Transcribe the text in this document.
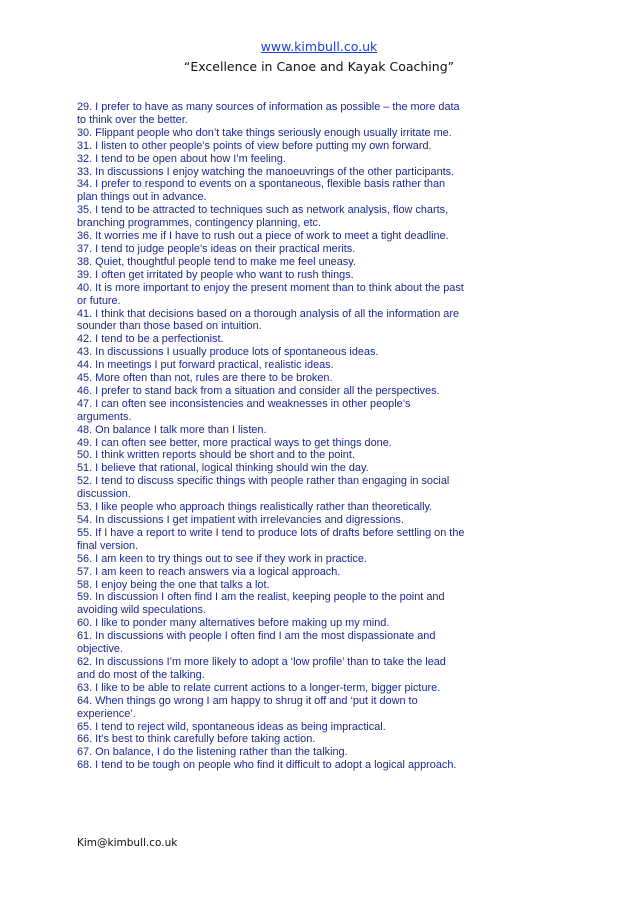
www.kimbull.co.uk
“Excellence in Canoe and Kayak Coaching”

29. I prefer to have as many sources of information as possible – the more data to think over the better.

30. Flippant people who don’t take things seriously enough usually irritate me.

31. I listen to other people’s points of view before putting my own forward.

32. I tend to be open about how I’m feeling.

33. In discussions I enjoy watching the manoeuvrings of the other participants.

34. I prefer to respond to events on a spontaneous, flexible basis rather than plan things out in advance.

35. I tend to be attracted to techniques such as network analysis, flow charts, branching programmes, contingency planning, etc.

36. It worries me if I have to rush out a piece of work to meet a tight deadline.

37. I tend to judge people’s ideas on their practical merits.

38. Quiet, thoughtful people tend to make me feel uneasy.

39. I often get irritated by people who want to rush things.

40. It is more important to enjoy the present moment than to think about the past or future.

41. I think that decisions based on a thorough analysis of all the information are sounder than those based on intuition.

42. I tend to be a perfectionist.

43. In discussions I usually produce lots of spontaneous ideas.

44. In meetings I put forward practical, realistic ideas.

45. More often than not, rules are there to be broken.

46. I prefer to stand back from a situation and consider all the perspectives.

47. I can often see inconsistencies and weaknesses in other people’s arguments.

48. On balance I talk more than I listen.

49. I can often see better, more practical ways to get things done.

50. I think written reports should be short and to the point.

51. I believe that rational, logical thinking should win the day.

52. I tend to discuss specific things with people rather than engaging in social discussion.

53. I like people who approach things realistically rather than theoretically.

54. In discussions I get impatient with irrelevancies and digressions.

55. If I have a report to write I tend to produce lots of drafts before settling on the final version.

56. I am keen to try things out to see if they work in practice.

57. I am keen to reach answers via a logical approach.

58. I enjoy being the one that talks a lot.

59. In discussion I often find I am the realist, keeping people to the point and avoiding wild speculations.

60. I like to ponder many alternatives before making up my mind.

61. In discussions with people I often find I am the most dispassionate and objective.

62. In discussions I’m more likely to adopt a ‘low profile’ than to take the lead and do most of the talking.

63. I like to be able to relate current actions to a longer-term, bigger picture.

64. When things go wrong I am happy to shrug it off and ‘put it down to experience’.

65. I tend to reject wild, spontaneous ideas as being impractical.

66. It’s best to think carefully before taking action.

67. On balance, I do the listening rather than the talking.

68. I tend to be tough on people who find it difficult to adopt a logical approach.

Kim@kimbull.co.uk
